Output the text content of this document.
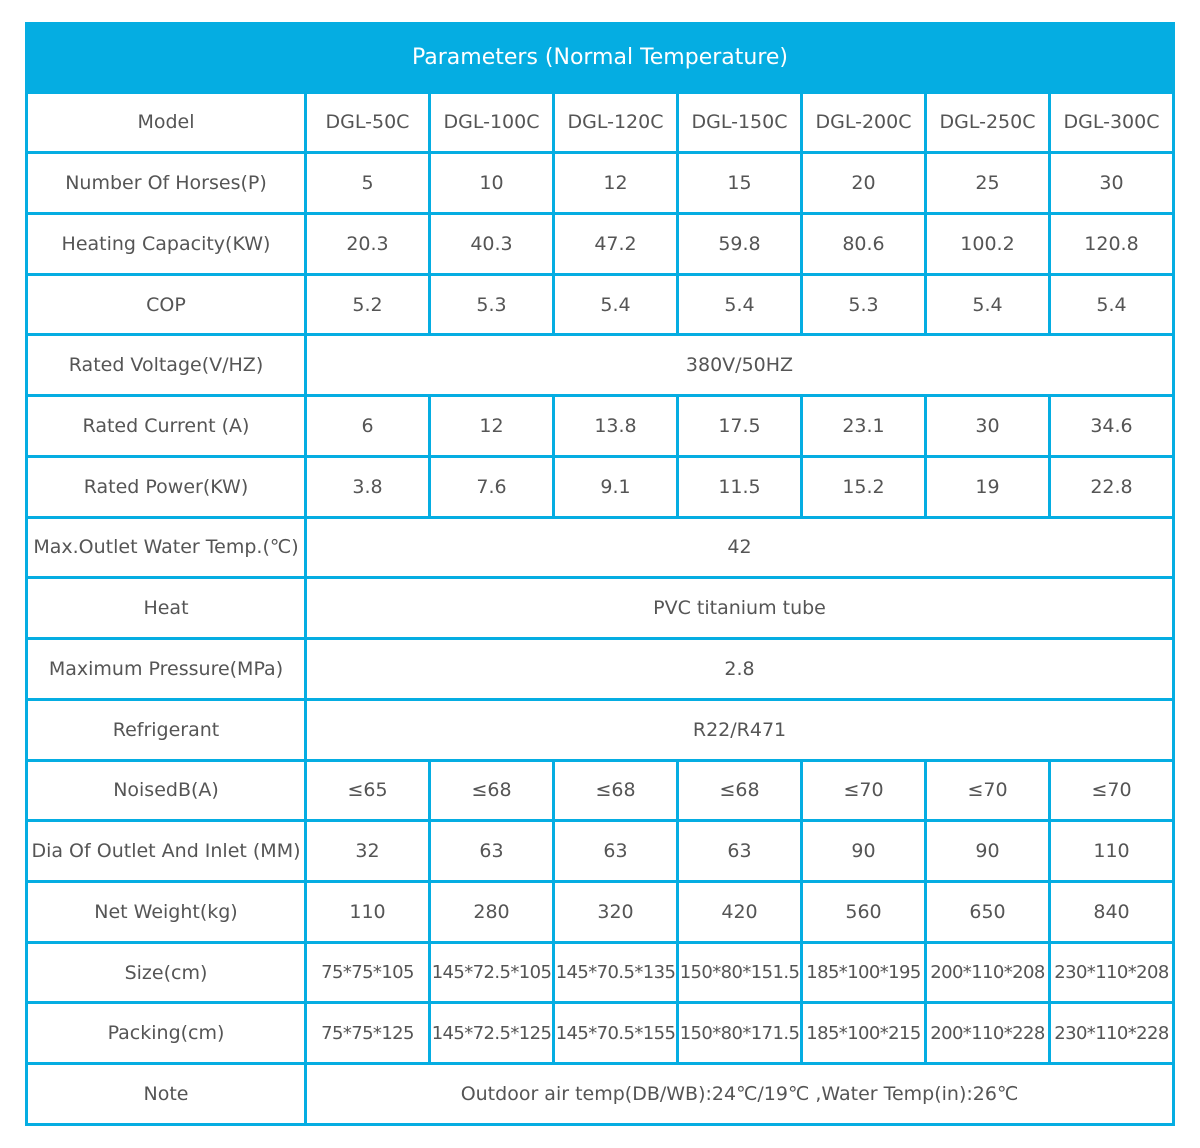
Parameters (Normal Temperature)							
Model	DGL-50C	DGL-100C	DGL-120C	DGL-150C	DGL-200C	DGL-250C	DGL-300C
Number Of Horses(P)	5	10	12	15	20	25	30
Heating Capacity(KW)	20.3	40.3	47.2	59.8	80.6	100.2	120.8
COP	5.2	5.3	5.4	5.4	5.3	5.4	5.4
Rated Voltage(V/HZ)	380V/50HZ						
Rated Current (A)	6	12	13.8	17.5	23.1	30	34.6
Rated Power(KW)	3.8	7.6	9.1	11.5	15.2	19	22.8
Max.Outlet Water Temp.(℃)	42						
Heat	PVC titanium tube						
Maximum Pressure(MPa)	2.8						
Refrigerant	R22/R471						
NoisedB(A)	≤65	≤68	≤68	≤68	≤70	≤70	≤70
Dia Of Outlet And Inlet (MM)	32	63	63	63	90	90	110
Net Weight(kg)	110	280	320	420	560	650	840
Size(cm)	75*75*105	145*72.5*105	145*70.5*135	150*80*151.5	185*100*195	200*110*208	230*110*208
Packing(cm)	75*75*125	145*72.5*125	145*70.5*155	150*80*171.5	185*100*215	200*110*228	230*110*228
Note	Outdoor air temp(DB/WB):24℃/19℃ ,Water Temp(in):26℃						
